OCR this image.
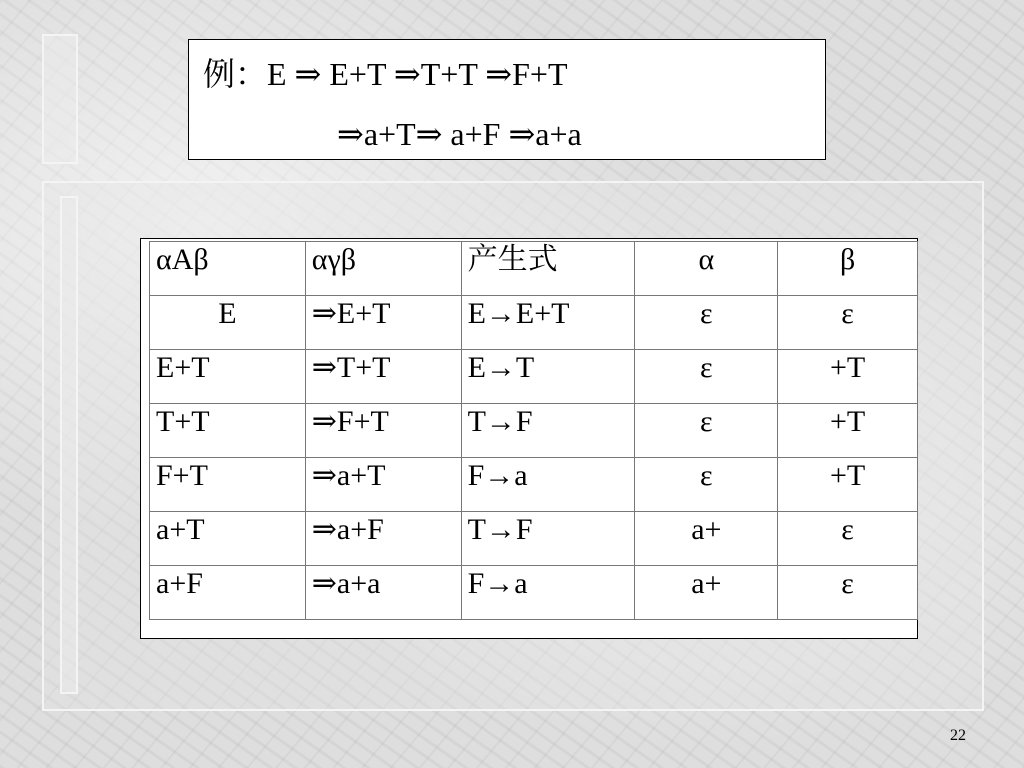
例：E ⇒ E+T ⇒T+T ⇒F+T
⇒a+T⇒ a+F ⇒a+a
αAβ	αγβ	产生式	α	β
E	⇒E+T	E→E+T	ε	ε
E+T	⇒T+T	E→T	ε	+T
T+T	⇒F+T	T→F	ε	+T
F+T	⇒a+T	F→a	ε	+T
a+T	⇒a+F	T→F	a+	ε
a+F	⇒a+a	F→a	a+	ε
22
